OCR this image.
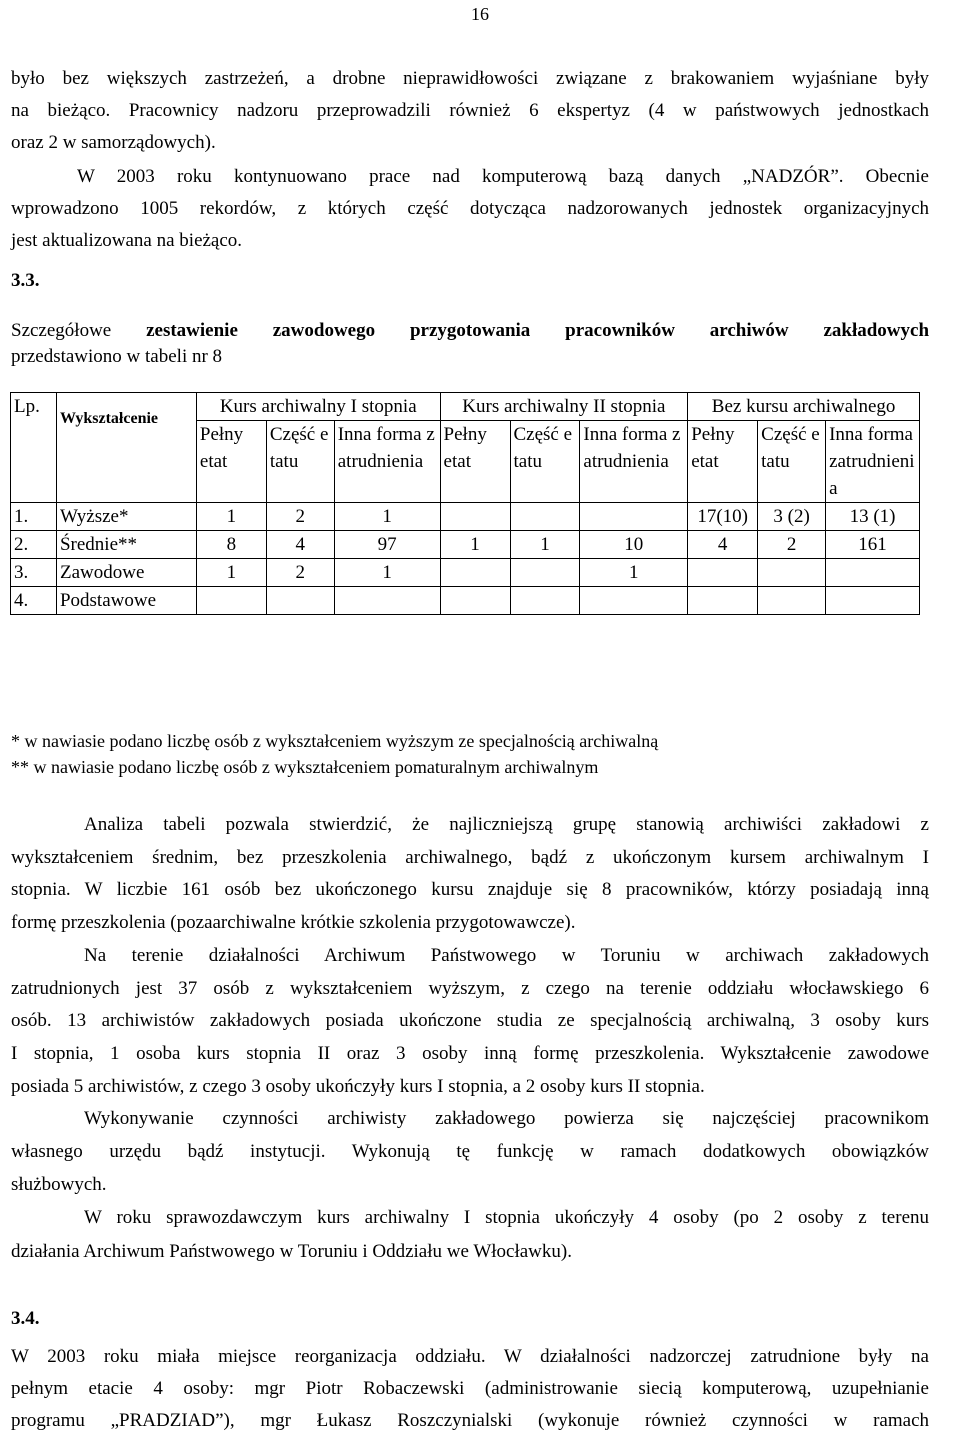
16
było bez większych zastrzeżeń, a drobne nieprawidłowości związane z brakowaniem wyjaśniane były
na bieżąco. Pracownicy nadzoru przeprowadzili również 6 ekspertyz (4 w państwowych jednostkach
oraz 2 w samorządowych).
W 2003 roku kontynuowano prace nad komputerową bazą danych „NADZÓR”. Obecnie
wprowadzono 1005 rekordów, z których część dotycząca nadzorowanych jednostek organizacyjnych
jest aktualizowana na bieżąco.
3.3.
Szczegółowe zestawienie zawodowego przygotowania pracowników archiwów zakładowych
przedstawiono w tabeli nr 8
Lp.	Wykształcenie	Kurs archiwalny I stopnia			Kurs archiwalny II stopnia			Bez kursu archiwalnego		
		Pełny etat	Część etatu	Inna forma zatrudnienia	Pełny etat	Część etatu	Inna forma zatrudnienia	Pełny etat	Część etatu	Inna forma zatrudnienia
1.	Wyższe*	1	2	1				17(10)	3 (2)	13 (1)
2.	Średnie**	8	4	97	1	1	10	4	2	161
3.	Zawodowe	1	2	1			1			
4.	Podstawowe									
* w nawiasie podano liczbę osób z wykształceniem wyższym ze specjalnością archiwalną
** w nawiasie podano liczbę osób z wykształceniem pomaturalnym archiwalnym
Analiza tabeli pozwala stwierdzić, że najliczniejszą grupę stanowią archiwiści zakładowi z
wykształceniem średnim, bez przeszkolenia archiwalnego, bądź z ukończonym kursem archiwalnym I
stopnia. W liczbie 161 osób bez ukończonego kursu znajduje się 8 pracowników, którzy posiadają inną
formę przeszkolenia (pozaarchiwalne krótkie szkolenia przygotowawcze).
Na terenie działalności Archiwum Państwowego w Toruniu w archiwach zakładowych
zatrudnionych jest 37 osób z wykształceniem wyższym, z czego na terenie oddziału włocławskiego 6
osób. 13 archiwistów zakładowych posiada ukończone studia ze specjalnością archiwalną, 3 osoby kurs
I stopnia, 1 osoba kurs stopnia II oraz 3 osoby inną formę przeszkolenia. Wykształcenie zawodowe
posiada 5 archiwistów, z czego 3 osoby ukończyły kurs I stopnia, a 2 osoby kurs II stopnia.
Wykonywanie czynności archiwisty zakładowego powierza się najczęściej pracownikom
własnego urzędu bądź instytucji. Wykonują tę funkcję w ramach dodatkowych obowiązków
służbowych.
W roku sprawozdawczym kurs archiwalny I stopnia ukończyły 4 osoby (po 2 osoby z terenu
działania Archiwum Państwowego w Toruniu i Oddziału we Włocławku).
3.4.
W 2003 roku miała miejsce reorganizacja oddziału. W działalności nadzorczej zatrudnione były na
pełnym etacie 4 osoby: mgr Piotr Robaczewski (administrowanie siecią komputerową, uzupełnianie
programu „PRADZIAD”), mgr Łukasz Roszczynialski (wykonuje również czynności w ramach
